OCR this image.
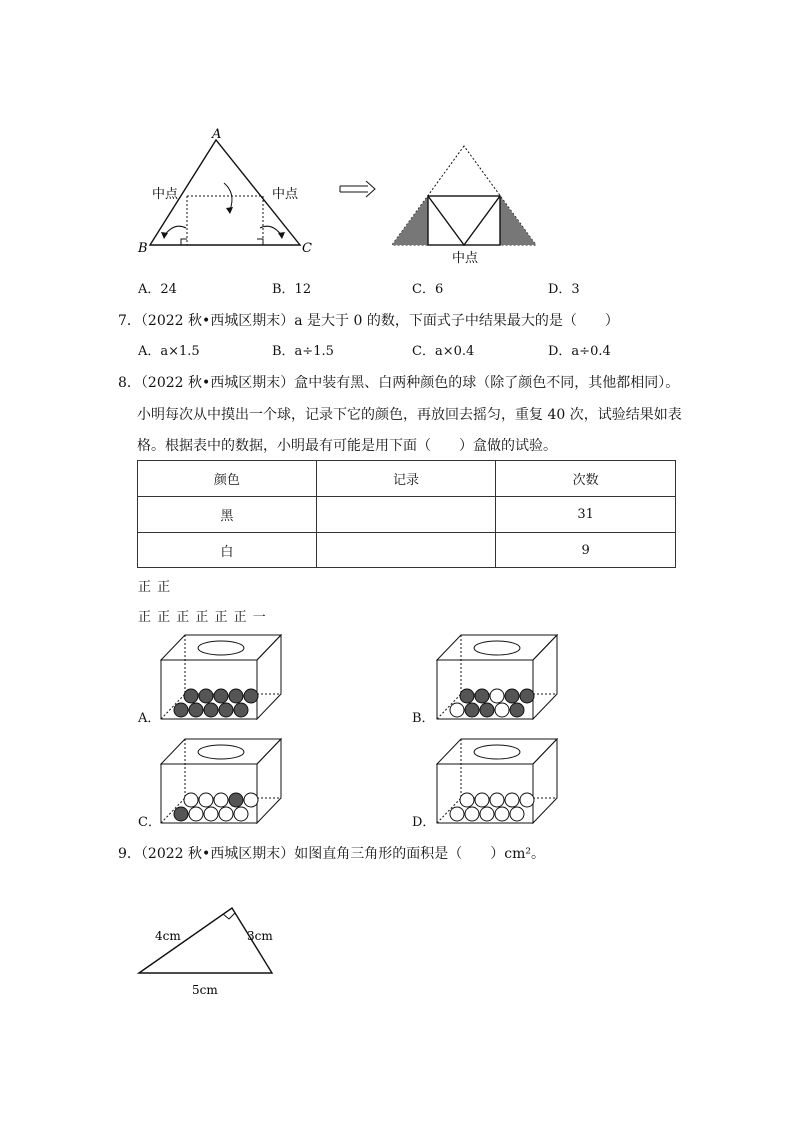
A
B	C
中点	中点
中点
A．24	B．12	C．6	D．3
7．（2022 秋•西城区期末）a 是大于 0 的数，下面式子中结果最大的是（　　）
A．a×1.5	B．a÷1.5	C．a×0.4	D．a÷0.4
8．（2022 秋•西城区期末）盒中装有黑、白两种颜色的球（除了颜色不同，其他都相同）。
小明每次从中摸出一个球，记录下它的颜色，再放回去摇匀，重复 40 次，试验结果如表
格。根据表中的数据，小明最有可能是用下面（　　）盒做的试验。
颜色	记录	次数
黑		31
白		9
正 正
正 正 正 正 正 正 一
A．	B．
C．	D．
9．（2022 秋•西城区期末）如图直角三角形的面积是（　　）cm²。
4cm	3cm
5cm
